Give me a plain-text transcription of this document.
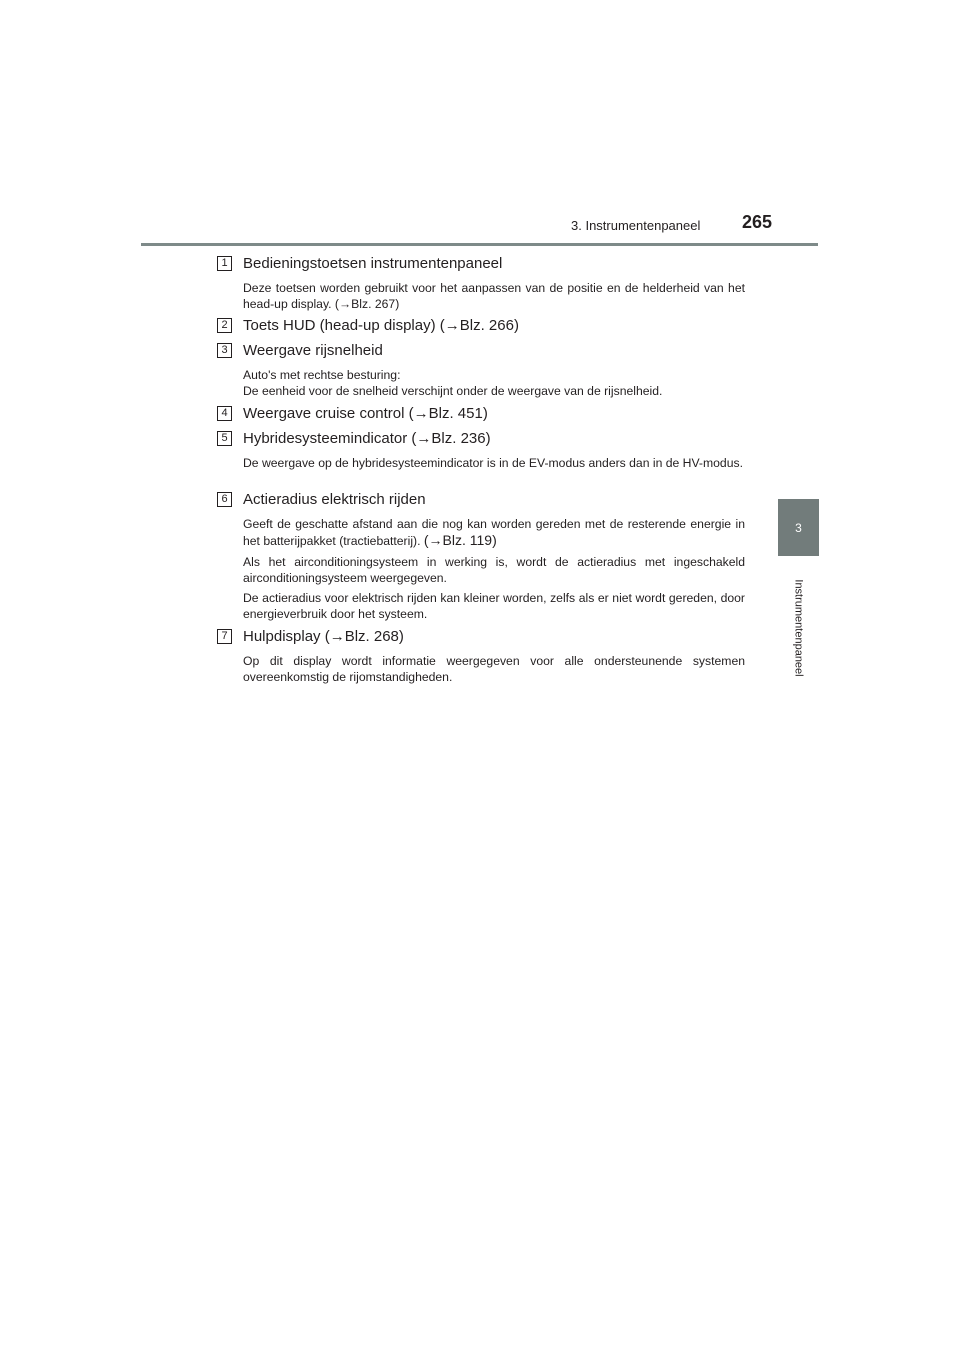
3. Instrumentenpaneel 265
3
Instrumentenpaneel
1 Bedieningstoetsen instrumentenpaneel
Deze toetsen worden gebruikt voor het aanpassen van de positie en de helderheid van het head-up display. (→Blz. 267)
2 Toets HUD (head-up display) (→Blz. 266)
3 Weergave rijsnelheid
Auto's met rechtse besturing:
De eenheid voor de snelheid verschijnt onder de weergave van de rijsnelheid.
4 Weergave cruise control (→Blz. 451)
5 Hybridesysteemindicator (→Blz. 236)
De weergave op de hybridesysteemindicator is in de EV-modus anders dan in de HV-modus.
6 Actieradius elektrisch rijden
Geeft de geschatte afstand aan die nog kan worden gereden met de resterende energie in het batterijpakket (tractiebatterij). (→Blz. 119)
Als het airconditioningsysteem in werking is, wordt de actieradius met ingeschakeld airconditioningsysteem weergegeven.
De actieradius voor elektrisch rijden kan kleiner worden, zelfs als er niet wordt gereden, door energieverbruik door het systeem.
7 Hulpdisplay (→Blz. 268)
Op dit display wordt informatie weergegeven voor alle ondersteunende systemen overeenkomstig de rijomstandigheden.
